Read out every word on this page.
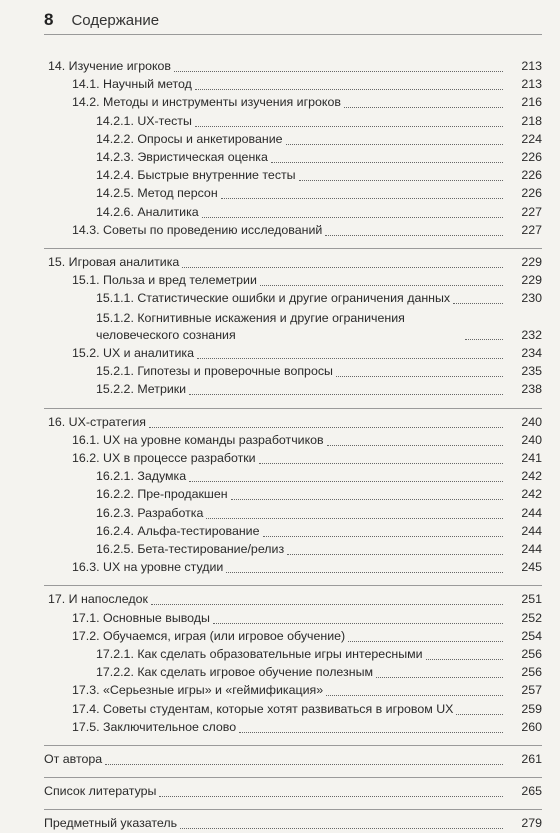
8 Содержание
14. Изучение игроков	213
14.1. Научный метод	213
14.2. Методы и инструменты изучения игроков	216
14.2.1. UX-тесты	218
14.2.2. Опросы и анкетирование	224
14.2.3. Эвристическая оценка	226
14.2.4. Быстрые внутренние тесты	226
14.2.5. Метод персон	226
14.2.6. Аналитика	227
14.3. Советы по проведению исследований	227
15. Игровая аналитика	229
15.1. Польза и вред телеметрии	229
15.1.1. Статистические ошибки и другие ограничения данных	230
15.1.2. Когнитивные искажения и другие ограничения человеческого сознания	232
15.2. UX и аналитика	234
15.2.1. Гипотезы и проверочные вопросы	235
15.2.2. Метрики	238
16. UX-стратегия	240
16.1. UX на уровне команды разработчиков	240
16.2. UX в процессе разработки	241
16.2.1. Задумка	242
16.2.2. Пре-продакшен	242
16.2.3. Разработка	244
16.2.4. Альфа-тестирование	244
16.2.5. Бета-тестирование/релиз	244
16.3. UX на уровне студии	245
17. И напоследок	251
17.1. Основные выводы	252
17.2. Обучаемся, играя (или игровое обучение)	254
17.2.1. Как сделать образовательные игры интересными	256
17.2.2. Как сделать игровое обучение полезным	256
17.3. «Серьезные игры» и «геймификация»	257
17.4. Советы студентам, которые хотят развиваться в игровом UX	259
17.5. Заключительное слово	260
От автора	261
Список литературы	265
Предметный указатель	279
